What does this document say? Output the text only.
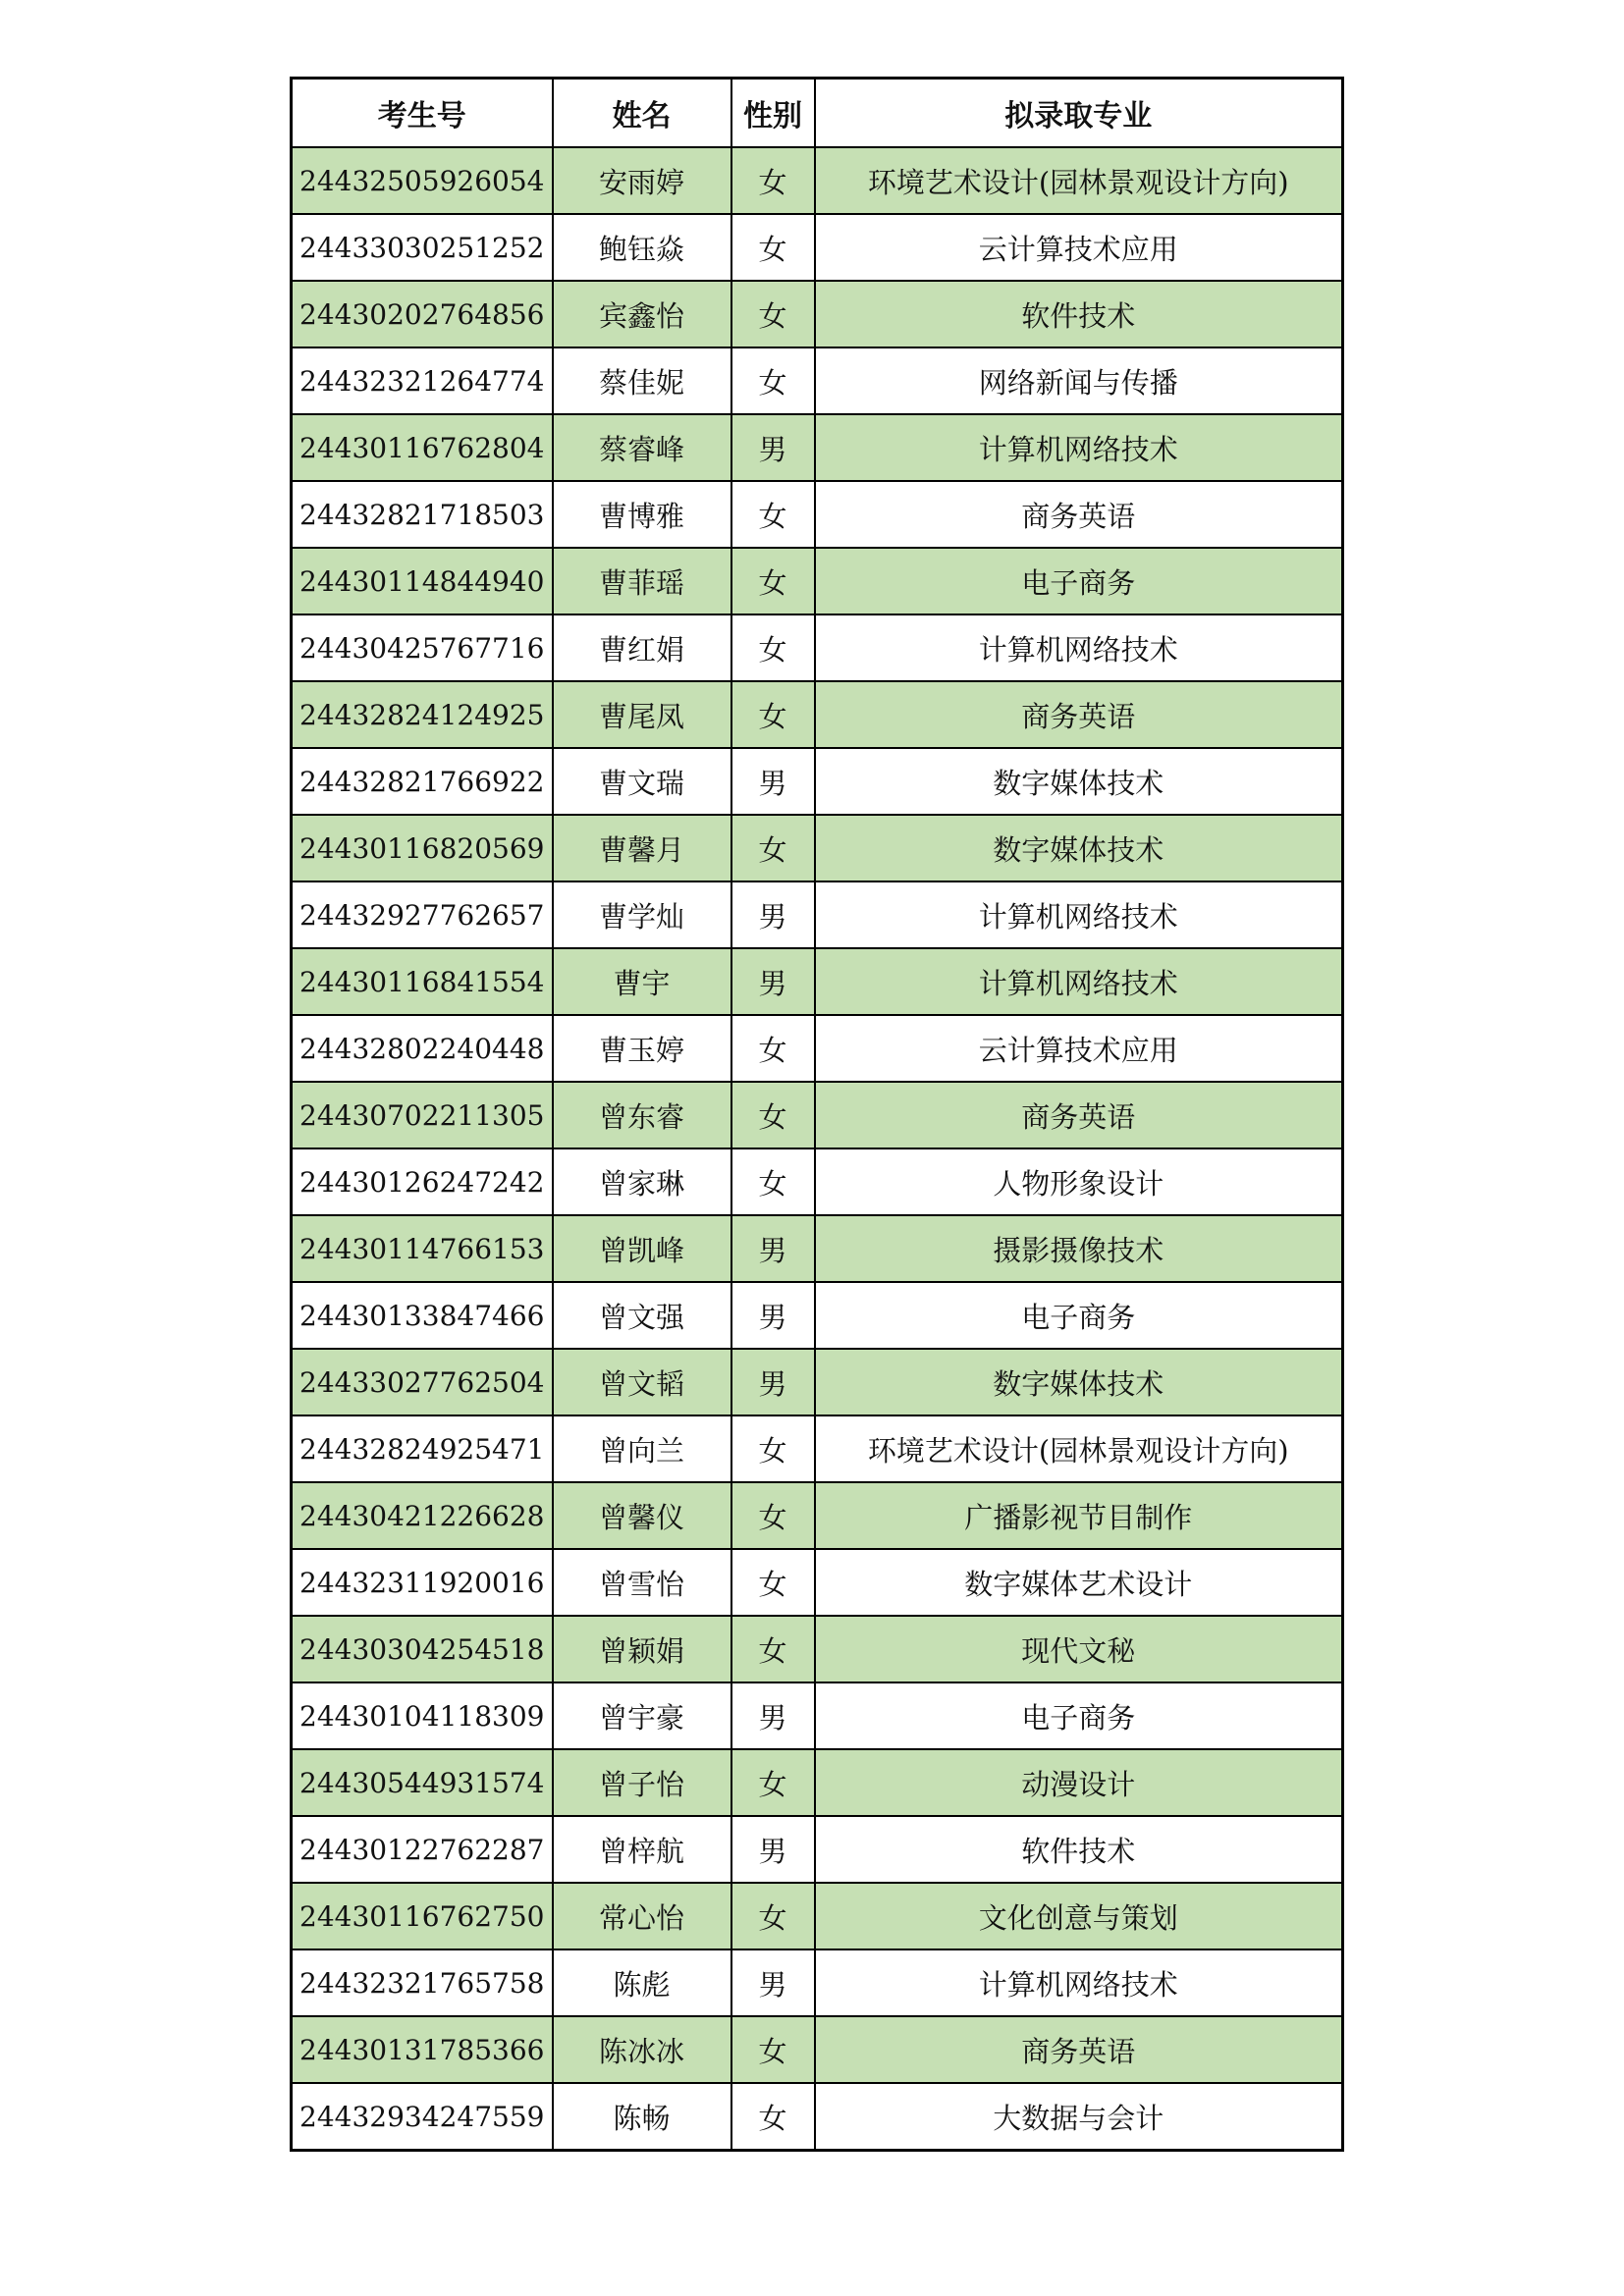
考生号	姓名	性别	拟录取专业
24432505926054	安雨婷	女	环境艺术设计(园林景观设计方向)
24433030251252	鲍钰焱	女	云计算技术应用
24430202764856	宾鑫怡	女	软件技术
24432321264774	蔡佳妮	女	网络新闻与传播
24430116762804	蔡睿峰	男	计算机网络技术
24432821718503	曹博雅	女	商务英语
24430114844940	曹菲瑶	女	电子商务
24430425767716	曹红娟	女	计算机网络技术
24432824124925	曹尾凤	女	商务英语
24432821766922	曹文瑞	男	数字媒体技术
24430116820569	曹馨月	女	数字媒体技术
24432927762657	曹学灿	男	计算机网络技术
24430116841554	曹宇	男	计算机网络技术
24432802240448	曹玉婷	女	云计算技术应用
24430702211305	曾东睿	女	商务英语
24430126247242	曾家琳	女	人物形象设计
24430114766153	曾凯峰	男	摄影摄像技术
24430133847466	曾文强	男	电子商务
24433027762504	曾文韬	男	数字媒体技术
24432824925471	曾向兰	女	环境艺术设计(园林景观设计方向)
24430421226628	曾馨仪	女	广播影视节目制作
24432311920016	曾雪怡	女	数字媒体艺术设计
24430304254518	曾颖娟	女	现代文秘
24430104118309	曾宇豪	男	电子商务
24430544931574	曾子怡	女	动漫设计
24430122762287	曾梓航	男	软件技术
24430116762750	常心怡	女	文化创意与策划
24432321765758	陈彪	男	计算机网络技术
24430131785366	陈冰冰	女	商务英语
24432934247559	陈畅	女	大数据与会计
